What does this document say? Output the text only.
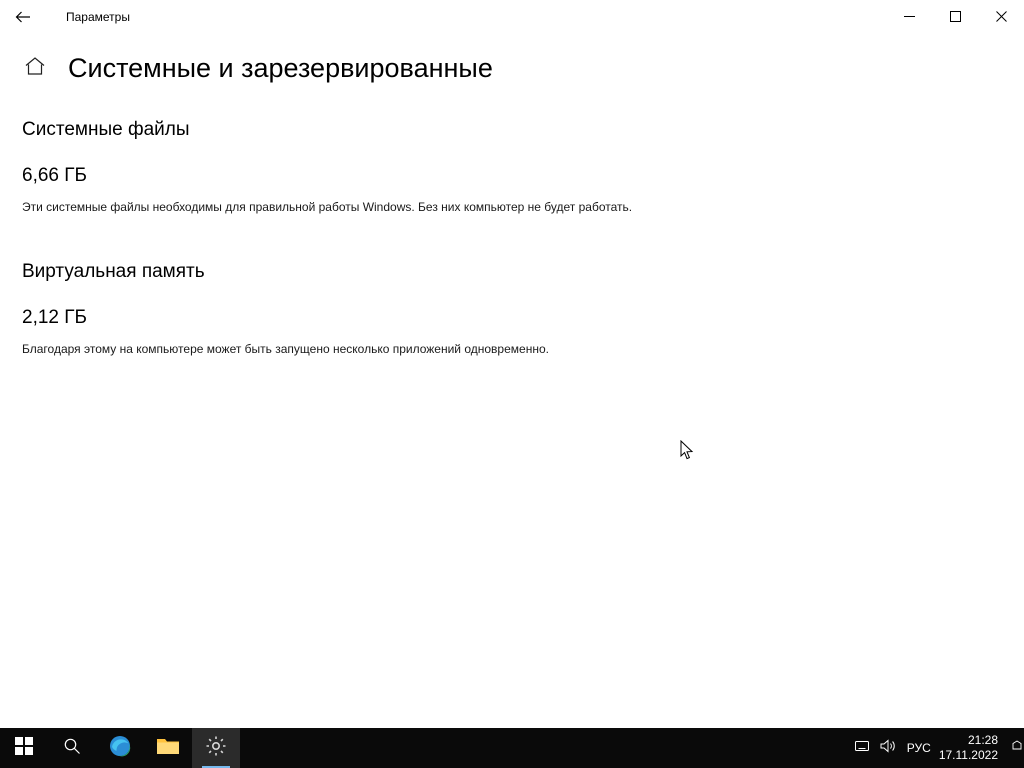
Параметры
Системные и зарезервированные
Системные файлы
6,66 ГБ

Эти системные файлы необходимы для правильной работы Windows. Без них компьютер не будет работать.

Виртуальная память
2,12 ГБ

Благодаря этому на компьютере может быть запущено несколько приложений одновременно.

РУС
21:28
17.11.2022
